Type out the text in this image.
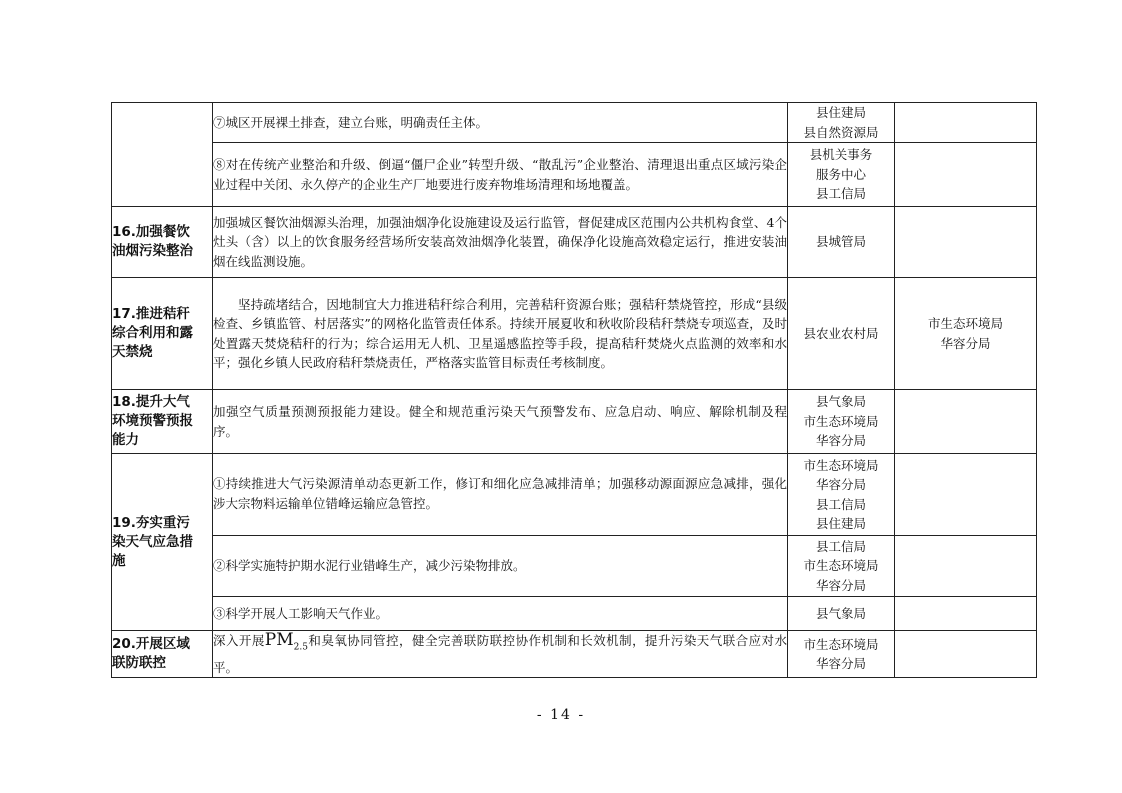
	⑦城区开展裸土排查，建立台账，明确责任主体。	县住建局
县自然资源局	

	⑧对在传统产业整治和升级、倒逼“僵尸企业”转型升级、“散乱污”企业整治、清理退出重点区域污染企业过程中关闭、永久停产的企业生产厂地要进行废弃物堆场清理和场地覆盖。	县机关事务
服务中心
县工信局	

16.加强餐饮
油烟污染整治	加强城区餐饮油烟源头治理，加强油烟净化设施建设及运行监管，督促建成区范围内公共机构食堂、4个灶头（含）以上的饮食服务经营场所安装高效油烟净化装置，确保净化设施高效稳定运行，推进安装油烟在线监测设施。	县城管局	

17.推进秸秆
综合利用和露
天禁烧	坚持疏堵结合，因地制宜大力推进秸秆综合利用，完善秸秆资源台账；强秸秆禁烧管控，形成“县级检查、乡镇监管、村居落实”的网格化监管责任体系。持续开展夏收和秋收阶段秸秆禁烧专项巡查，及时处置露天焚烧秸秆的行为；综合运用无人机、卫星遥感监控等手段，提高秸秆焚烧火点监测的效率和水平；强化乡镇人民政府秸秆禁烧责任，严格落实监管目标责任考核制度。	县农业农村局	市生态环境局
华容分局

18.提升大气
环境预警预报
能力	加强空气质量预测预报能力建设。健全和规范重污染天气预警发布、应急启动、响应、解除机制及程序。	县气象局
市生态环境局
华容分局	

19.夯实重污
染天气应急措
施	①持续推进大气污染源清单动态更新工作，修订和细化应急减排清单；加强移动源面源应急减排，强化涉大宗物料运输单位错峰运输应急管控。	市生态环境局
华容分局
县工信局
县住建局	

	②科学实施特护期水泥行业错峰生产，减少污染物排放。	县工信局
市生态环境局
华容分局	

	③科学开展人工影响天气作业。	县气象局	

20.开展区域
联防联控	深入开展$PM_{2.5}$和臭氧协同管控，健全完善联防联控协作机制和长效机制，提升污染天气联合应对水平。	市生态环境局
华容分局	

- 14 -
